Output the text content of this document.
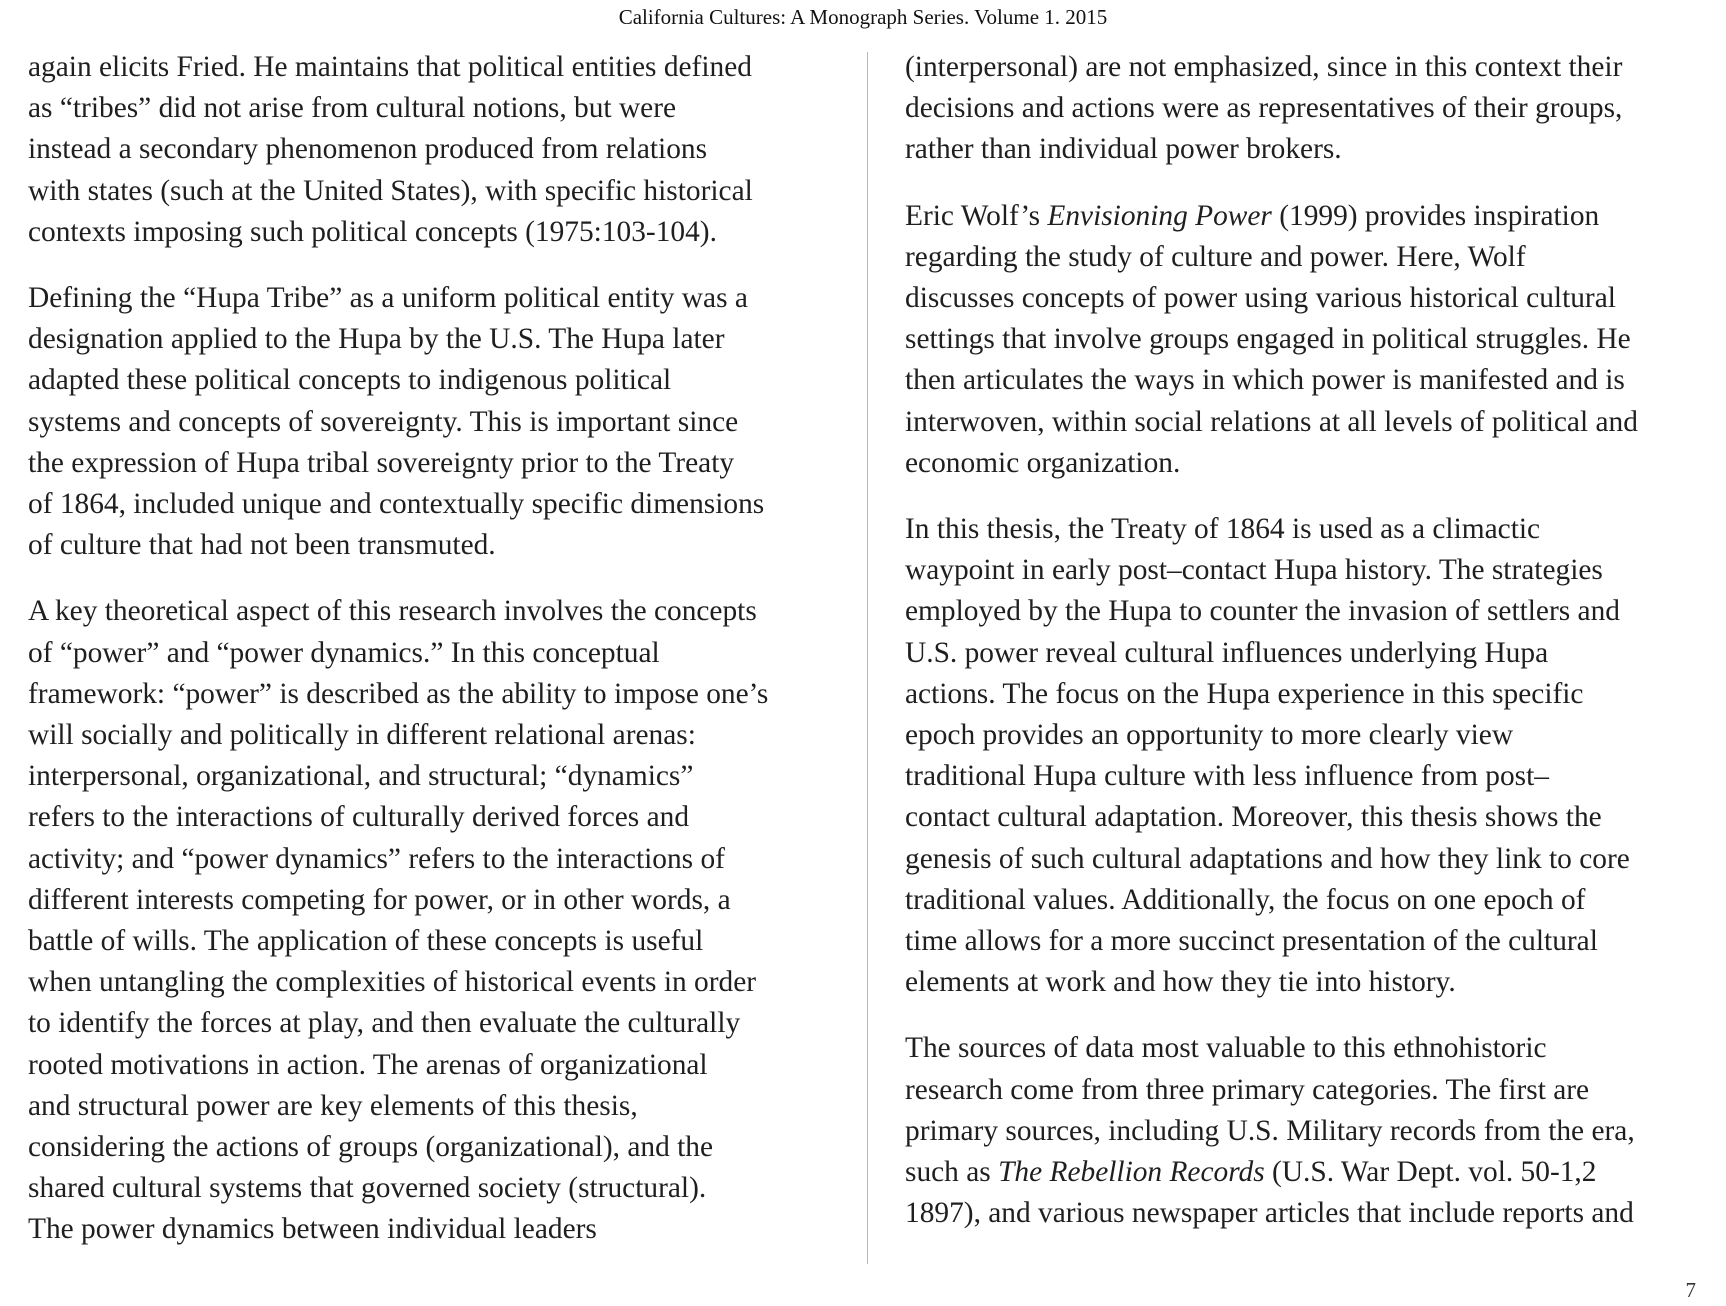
California Cultures: A Monograph Series. Volume 1. 2015

again elicits Fried. He maintains that political entities defined
as “tribes” did not arise from cultural notions, but were
instead a secondary phenomenon produced from relations
with states (such at the United States), with specific historical
contexts imposing such political concepts (1975:103-104).

Defining the “Hupa Tribe” as a uniform political entity was a
designation applied to the Hupa by the U.S. The Hupa later
adapted these political concepts to indigenous political
systems and concepts of sovereignty. This is important since
the expression of Hupa tribal sovereignty prior to the Treaty
of 1864, included unique and contextually specific dimensions
of culture that had not been transmuted.

A key theoretical aspect of this research involves the concepts
of “power” and “power dynamics.” In this conceptual
framework: “power” is described as the ability to impose one’s
will socially and politically in different relational arenas:
interpersonal, organizational, and structural; “dynamics”
refers to the interactions of culturally derived forces and
activity; and “power dynamics” refers to the interactions of
different interests competing for power, or in other words, a
battle of wills. The application of these concepts is useful
when untangling the complexities of historical events in order
to identify the forces at play, and then evaluate the culturally
rooted motivations in action. The arenas of organizational
and structural power are key elements of this thesis,
considering the actions of groups (organizational), and the
shared cultural systems that governed society (structural).
The power dynamics between individual leaders

(interpersonal) are not emphasized, since in this context their
decisions and actions were as representatives of their groups,
rather than individual power brokers.

Eric Wolf’s Envisioning Power (1999) provides inspiration
regarding the study of culture and power. Here, Wolf
discusses concepts of power using various historical cultural
settings that involve groups engaged in political struggles. He
then articulates the ways in which power is manifested and is
interwoven, within social relations at all levels of political and
economic organization.

In this thesis, the Treaty of 1864 is used as a climactic
waypoint in early post–contact Hupa history. The strategies
employed by the Hupa to counter the invasion of settlers and
U.S. power reveal cultural influences underlying Hupa
actions. The focus on the Hupa experience in this specific
epoch provides an opportunity to more clearly view
traditional Hupa culture with less influence from post–
contact cultural adaptation. Moreover, this thesis shows the
genesis of such cultural adaptations and how they link to core
traditional values. Additionally, the focus on one epoch of
time allows for a more succinct presentation of the cultural
elements at work and how they tie into history.

The sources of data most valuable to this ethnohistoric
research come from three primary categories. The first are
primary sources, including U.S. Military records from the era,
such as The Rebellion Records (U.S. War Dept. vol. 50-1,2
1897), and various newspaper articles that include reports and

7
